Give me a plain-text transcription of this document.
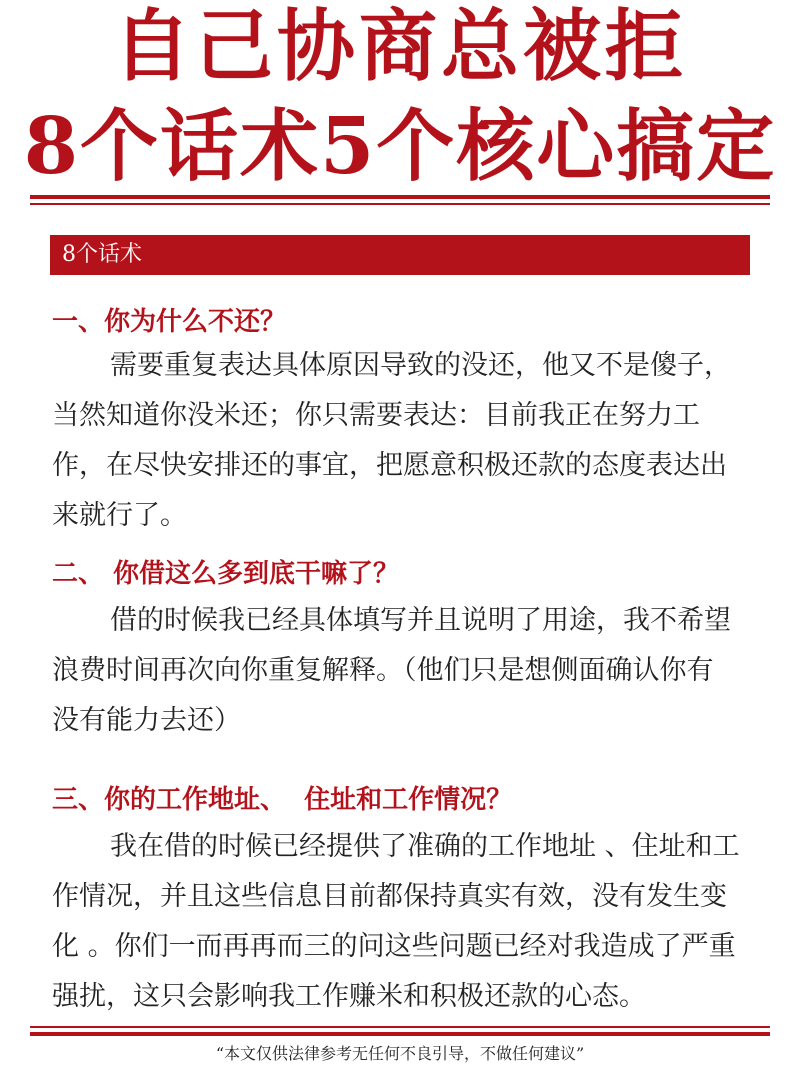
自己协商总被拒
8个话术5个核心搞定
8个话术
一、你为什么不还？
需要重复表达具体原因导致的没还，他又不是傻子，
当然知道你没米还；你只需要表达：目前我正在努力工
作，在尽快安排还的事宜，把愿意积极还款的态度表达出
来就行了。
二、 你借这么多到底干嘛了？
借的时候我已经具体填写并且说明了用途，我不希望
浪费时间再次向你重复解释。（他们只是想侧面确认你有
没有能力去还）
三、你的工作地址、  住址和工作情况？
我在借的时候已经提供了准确的工作地址 、住址和工
作情况，并且这些信息目前都保持真实有效，没有发生变
化 。你们一而再再而三的问这些问题已经对我造成了严重
强扰，这只会影响我工作赚米和积极还款的心态。
“本文仅供法律参考无任何不良引导，不做任何建议”
